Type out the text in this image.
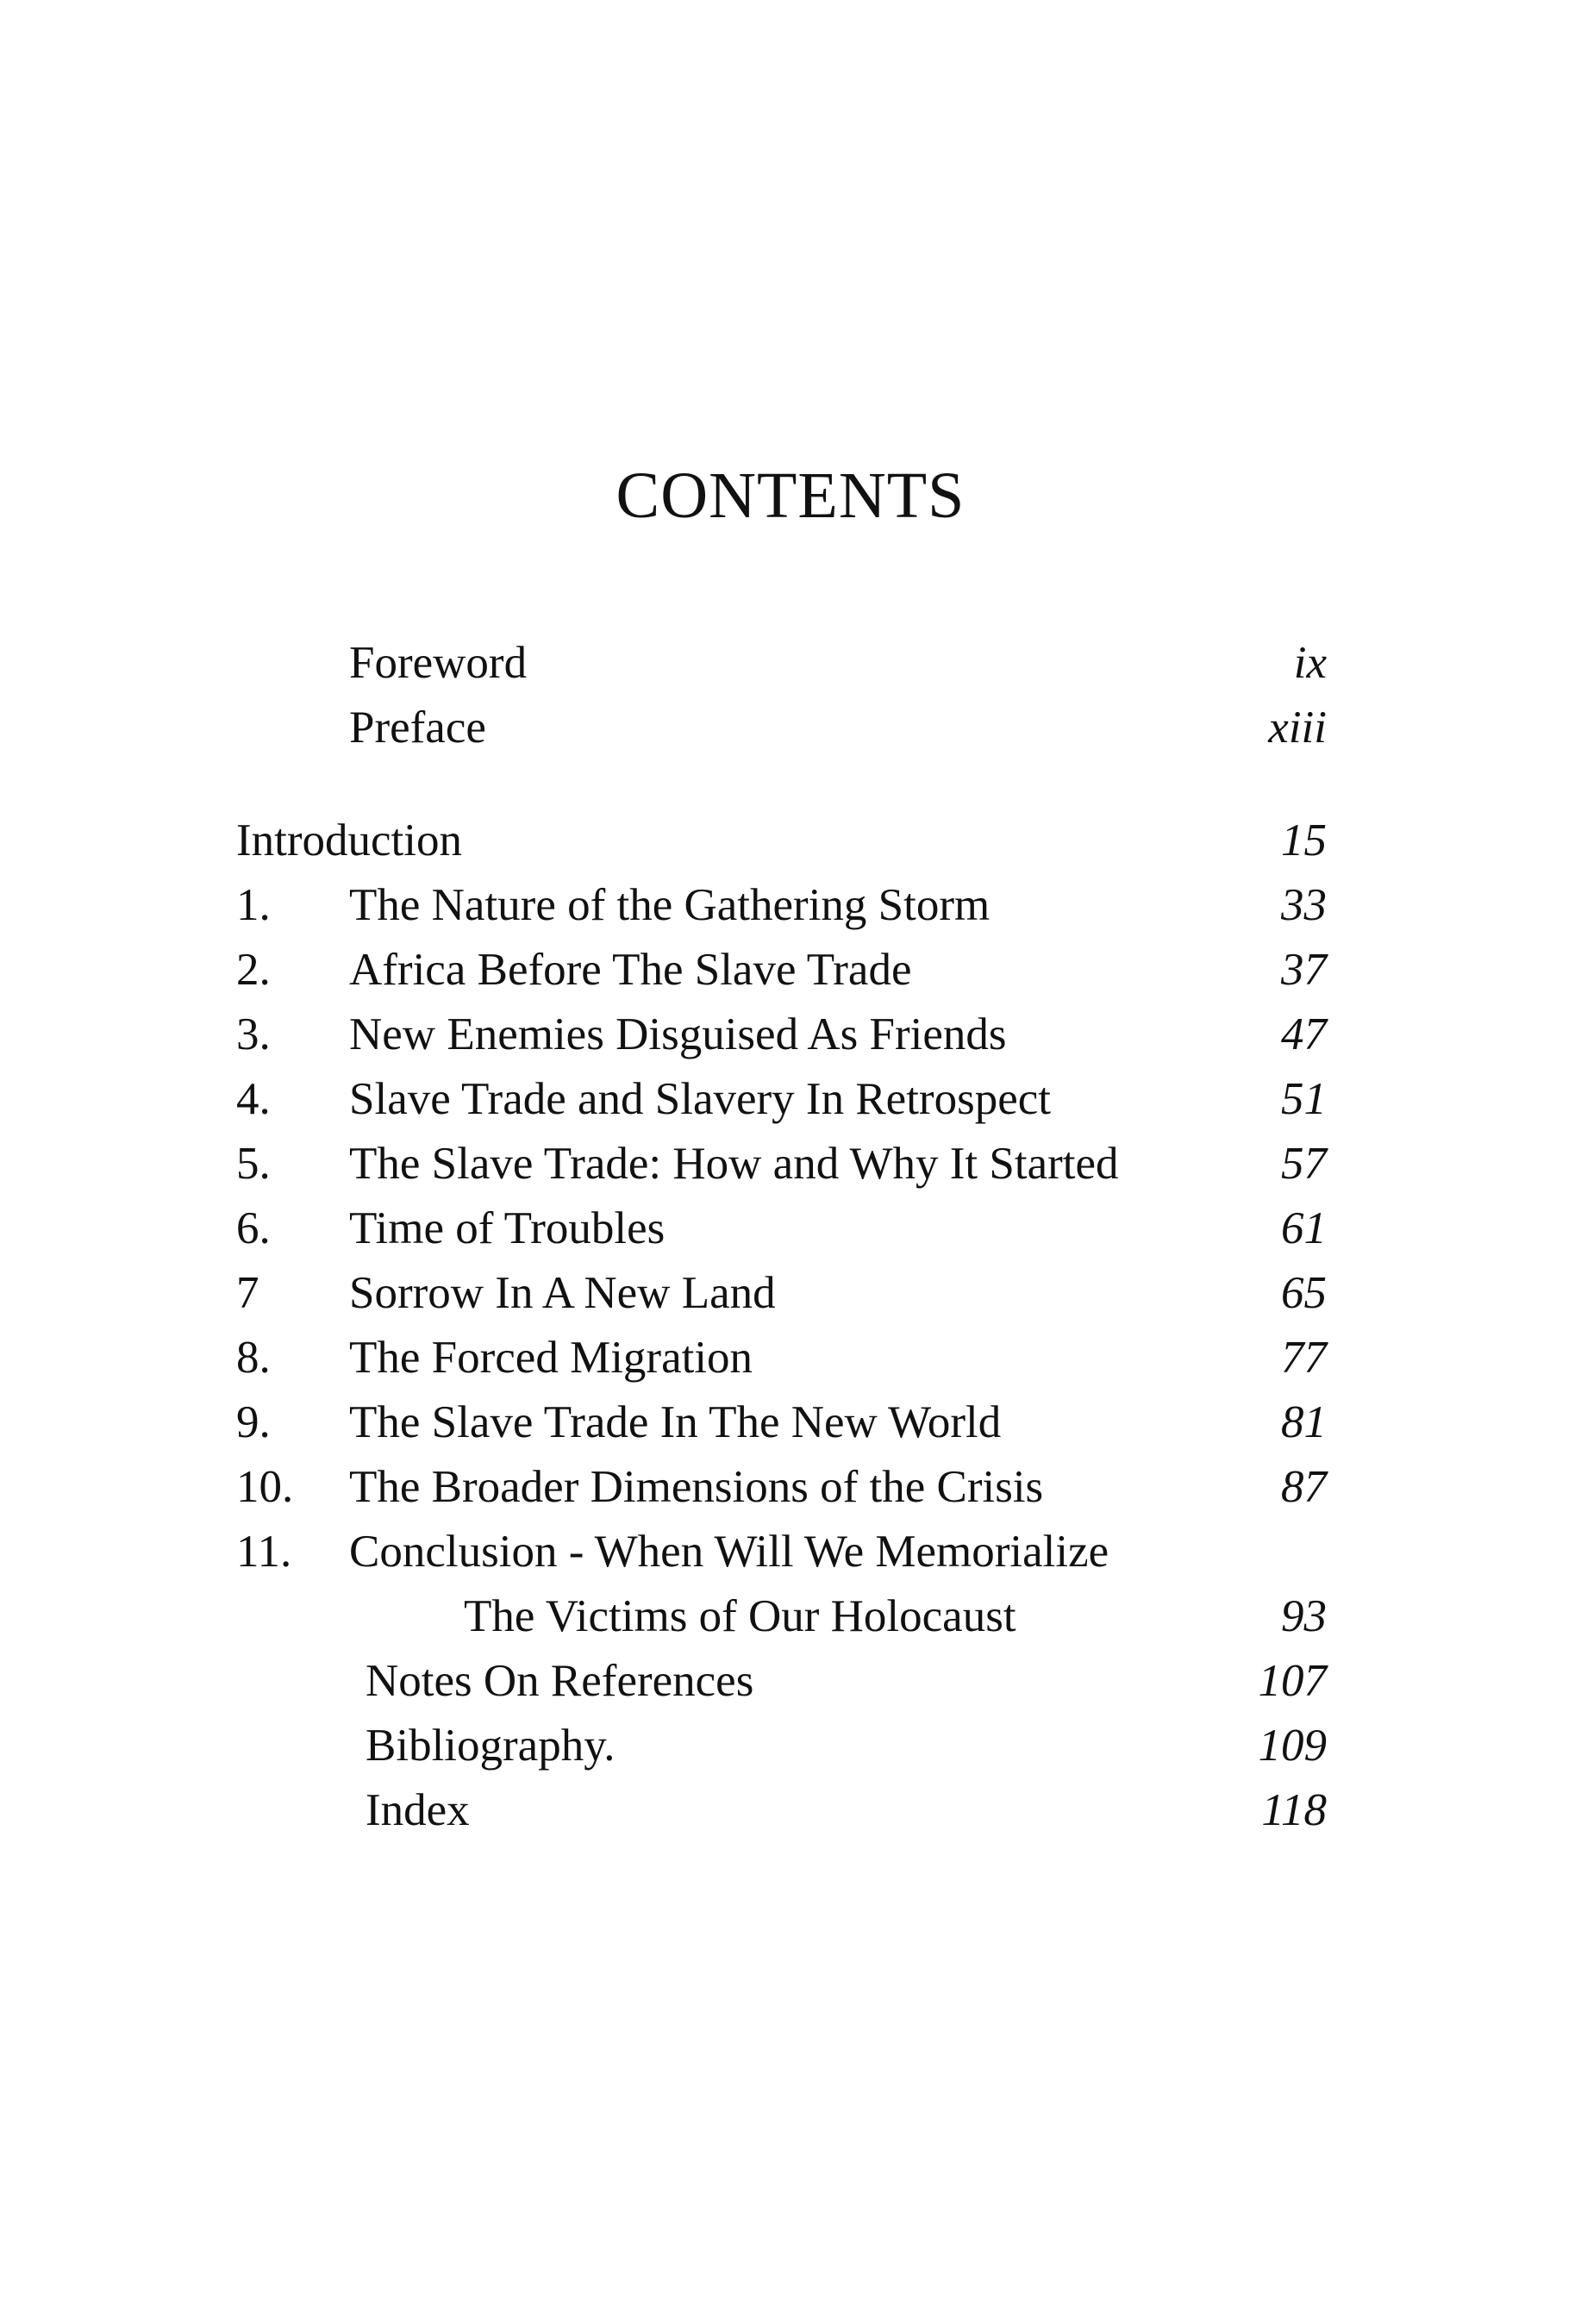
CONTENTS
Foreword	ix
Preface	xiii
Introduction	15
1. The Nature of the Gathering Storm	33
2. Africa Before The Slave Trade	37
3. New Enemies Disguised As Friends	47
4. Slave Trade and Slavery In Retrospect	51
5. The Slave Trade: How and Why It Started	57
6. Time of Troubles	61
7 Sorrow In A New Land	65
8. The Forced Migration	77
9. The Slave Trade In The New World	81
10. The Broader Dimensions of the Crisis	87
11. Conclusion - When Will We Memorialize
The Victims of Our Holocaust	93
Notes On References	107
Bibliography.	109
Index	118
